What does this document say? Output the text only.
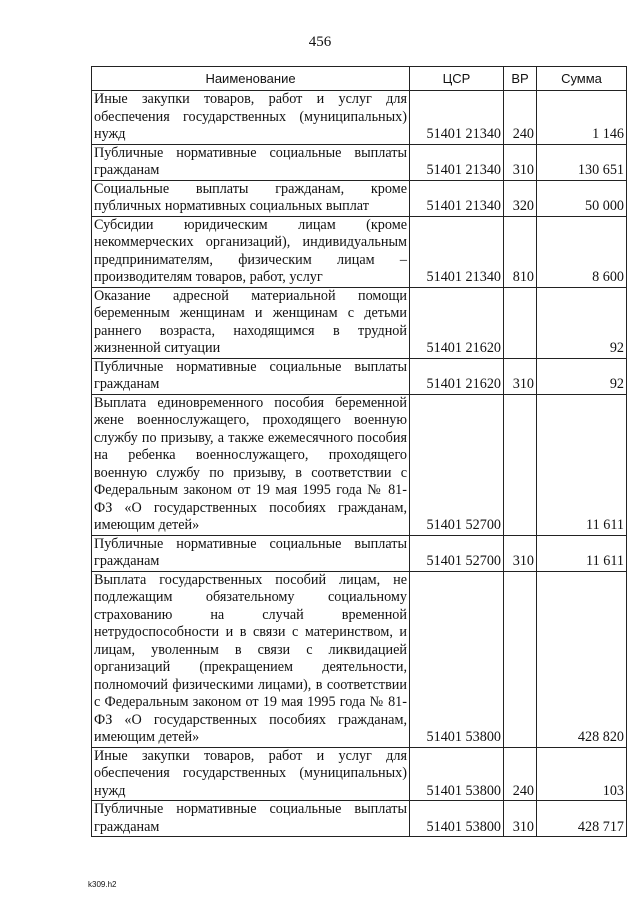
456
Наименование	ЦСР	ВР	Сумма
Иные закупки товаров, работ и услуг для обеспечения государственных (муниципальных) нужд	51401 21340	240	1 146
Публичные нормативные социальные выплаты гражданам	51401 21340	310	130 651
Социальные выплаты гражданам, кроме публичных нормативных социальных выплат	51401 21340	320	50 000
Субсидии юридическим лицам (кроме некоммерческих организаций), индивидуальным предпринимателям, физическим лицам – производителям товаров, работ, услуг	51401 21340	810	8 600
Оказание адресной материальной помощи беременным женщинам и женщинам с детьми раннего возраста, находящимся в трудной жизненной ситуации	51401 21620		92
Публичные нормативные социальные выплаты гражданам	51401 21620	310	92
Выплата единовременного пособия беременной жене военнослужащего, проходящего военную службу по призыву, а также ежемесячного пособия на ребенка военнослужащего, проходящего военную службу по призыву, в соответствии с Федеральным законом от 19 мая 1995 года № 81-ФЗ «О государственных пособиях гражданам, имеющим детей»	51401 52700		11 611
Публичные нормативные социальные выплаты гражданам	51401 52700	310	11 611
Выплата государственных пособий лицам, не подлежащим обязательному социальному страхованию на случай временной нетрудоспособности и в связи с материнством, и лицам, уволенным в связи с ликвидацией организаций (прекращением деятельности, полномочий физическими лицами), в соответствии с Федеральным законом от 19 мая 1995 года № 81-ФЗ «О государственных пособиях гражданам, имеющим детей»	51401 53800		428 820
Иные закупки товаров, работ и услуг для обеспечения государственных (муниципальных) нужд	51401 53800	240	103
Публичные нормативные социальные выплаты гражданам	51401 53800	310	428 717
k309.h2
